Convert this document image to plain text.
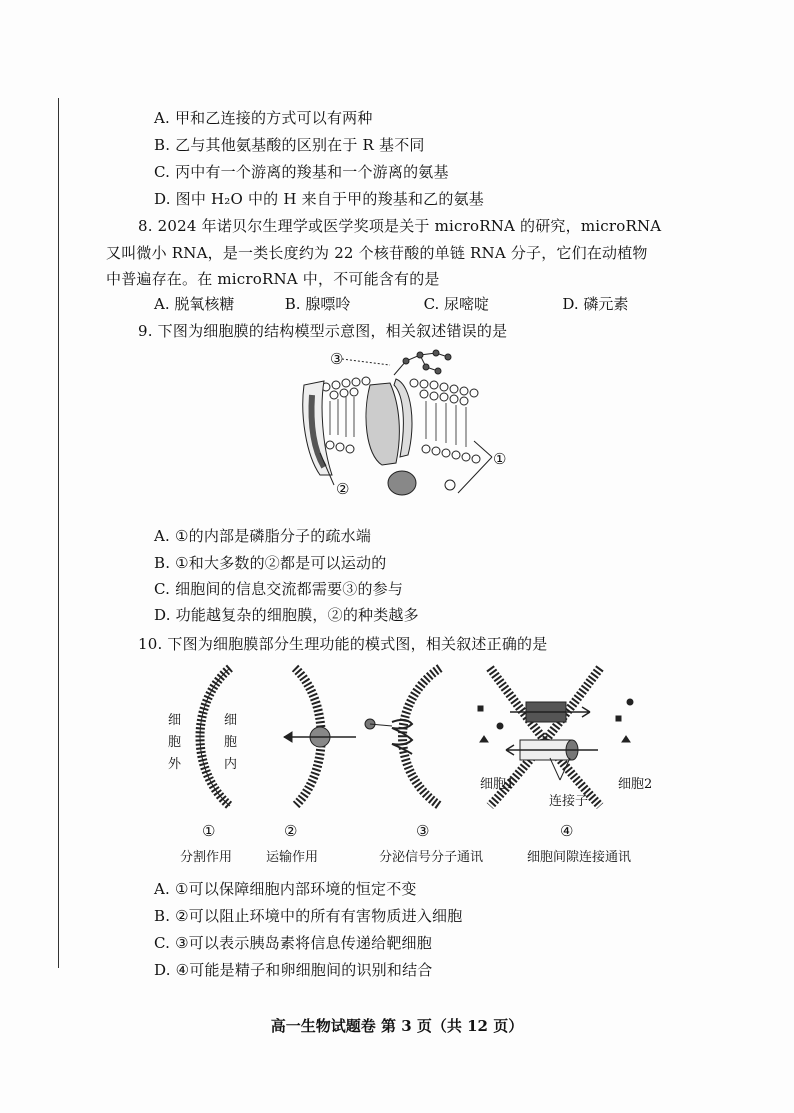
A. 甲和乙连接的方式可以有两种
B. 乙与其他氨基酸的区别在于 R 基不同
C. 丙中有一个游离的羧基和一个游离的氨基
D. 图中 H₂O 中的 H 来自于甲的羧基和乙的氨基
8. 2024 年诺贝尔生理学或医学奖项是关于 microRNA 的研究，microRNA
又叫微小 RNA，是一类长度约为 22 个核苷酸的单链 RNA 分子，它们在动植物
中普遍存在。在 microRNA 中，不可能含有的是
A. 脱氧核糖	B. 腺嘌呤	C. 尿嘧啶	D. 磷元素
9. 下图为细胞膜的结构模型示意图，相关叙述错误的是
③
①
②
A. ①的内部是磷脂分子的疏水端
B. ①和大多数的②都是可以运动的
C. 细胞间的信息交流都需要③的参与
D. 功能越复杂的细胞膜，②的种类越多
10. 下图为细胞膜部分生理功能的模式图，相关叙述正确的是
细胞外
细胞内
细胞1	细胞2
连接子
①	②	③	④
分割作用	运输作用	分泌信号分子通讯	细胞间隙连接通讯
A. ①可以保障细胞内部环境的恒定不变
B. ②可以阻止环境中的所有有害物质进入细胞
C. ③可以表示胰岛素将信息传递给靶细胞
D. ④可能是精子和卵细胞间的识别和结合
高一生物试题卷 第 3 页（共 12 页）
